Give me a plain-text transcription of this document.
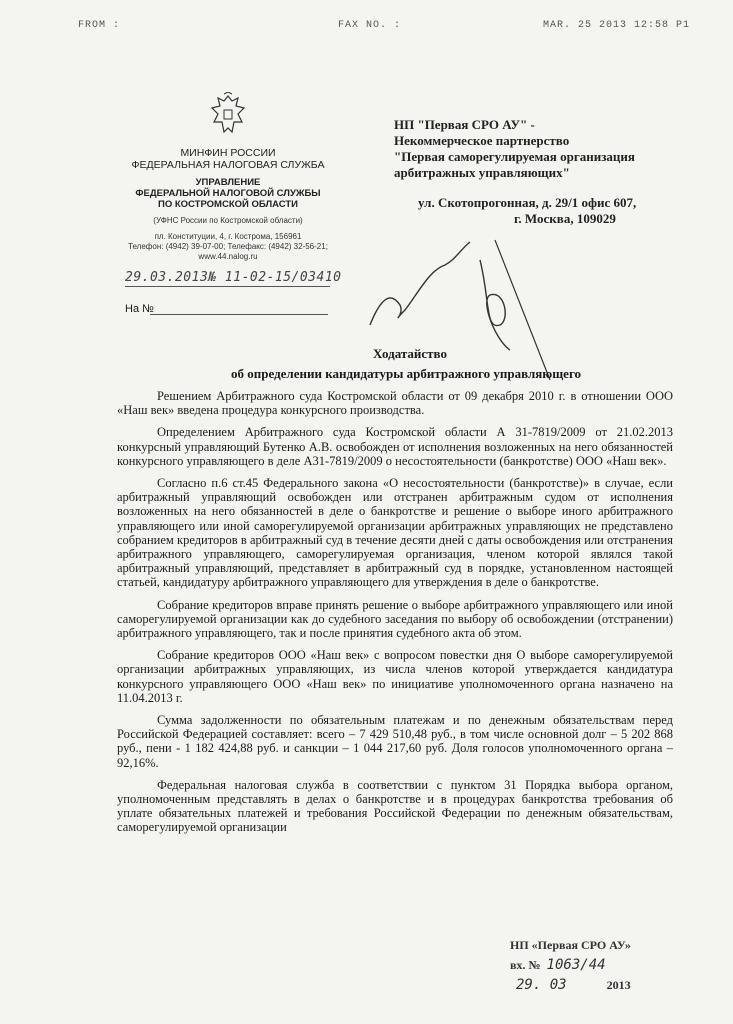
FROM :	FAX NO. :	MAR. 25 2013 12:58 P1
МИНФИН РОССИИ
ФЕДЕРАЛЬНАЯ НАЛОГОВАЯ СЛУЖБА
УПРАВЛЕНИЕ
ФЕДЕРАЛЬНОЙ НАЛОГОВОЙ СЛУЖБЫ
ПО КОСТРОМСКОЙ ОБЛАСТИ
(УФНС России по Костромской области)
пл. Конституции, 4, г. Кострома, 156961
Телефон: (4942) 39-07-00; Телефакс: (4942) 32-56-21;
www.44.nalog.ru
29.03.2013№ 11-02-15/03410
На №
НП "Первая СРО АУ" -
Некоммерческое партнерство
"Первая саморегулируемая организация
арбитражных управляющих"
ул. Скотопрогонная, д. 29/1 офис 607,
г. Москва, 109029
Ходатайство
об определении кандидатуры арбитражного управляющего

Решением Арбитражного суда Костромской области от 09 декабря 2010 г. в отношении ООО «Наш век» введена процедура конкурсного производства.

Определением Арбитражного суда Костромской области А 31-7819/2009 от 21.02.2013 конкурсный управляющий Бутенко А.В. освобожден от исполнения возложенных на него обязанностей конкурсного управляющего в деле А31-7819/2009 о несостоятельности (банкротстве) ООО «Наш век».

Согласно п.6 ст.45 Федерального закона «О несостоятельности (банкротстве)» в случае, если арбитражный управляющий освобожден или отстранен арбитражным судом от исполнения возложенных на него обязанностей в деле о банкротстве и решение о выборе иного арбитражного управляющего или иной саморегулируемой организации арбитражных управляющих не представлено собранием кредиторов в арбитражный суд в течение десяти дней с даты освобождения или отстранения арбитражного управляющего, саморегулируемая организация, членом которой являлся такой арбитражный управляющий, представляет в арбитражный суд в порядке, установленном настоящей статьей, кандидатуру арбитражного управляющего для утверждения в деле о банкротстве.

Собрание кредиторов вправе принять решение о выборе арбитражного управляющего или иной саморегулируемой организации как до судебного заседания по выбору об освобождении (отстранении) арбитражного управляющего, так и после принятия судебного акта об этом.

Собрание кредиторов ООО «Наш век» с вопросом повестки дня О выборе саморегулируемой организации арбитражных управляющих, из числа членов которой утверждается кандидатура конкурсного управляющего ООО «Наш век» по инициативе уполномоченного органа назначено на 11.04.2013 г.

Сумма задолженности по обязательным платежам и по денежным обязательствам перед Российской Федерацией составляет: всего – 7 429 510,48 руб., в том числе основной долг – 5 202 868 руб., пени - 1 182 424,88 руб. и санкции – 1 044 217,60 руб. Доля голосов уполномоченного органа – 92,16%.

Федеральная налоговая служба в соответствии с пунктом 31 Порядка выбора органом, уполномоченным представлять в делах о банкротстве и в процедурах банкротства требования об уплате обязательных платежей и требования Российской Федерации по денежным обязательствам, саморегулируемой организации

НП «Первая СРО АУ»
вх. № 1063/44
29. 03	2013
